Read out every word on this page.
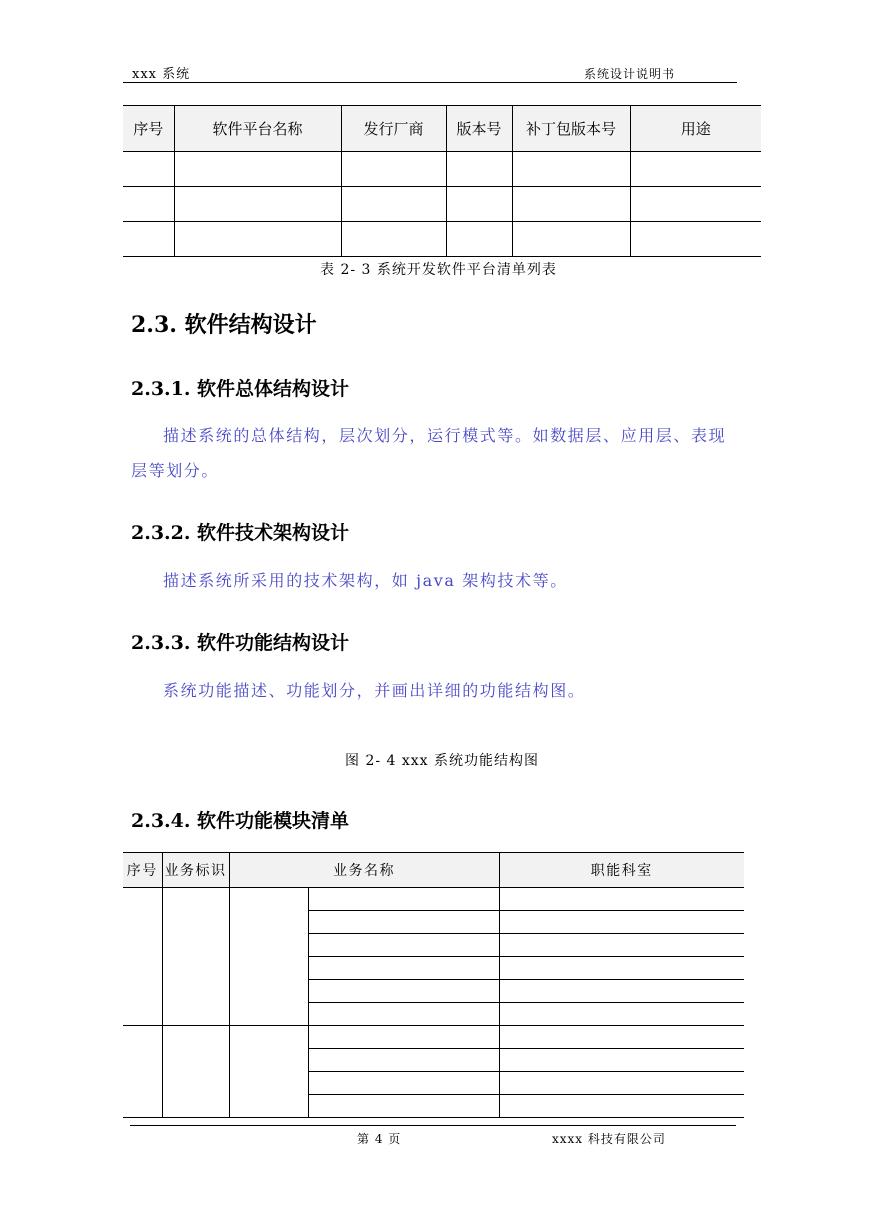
xxx 系统	系统设计说明书
序号	软件平台名称	发行厂商	版本号	补丁包版本号	用途

表 2- 3 系统开发软件平台清单列表
2.3. 软件结构设计
2.3.1. 软件总体结构设计
描述系统的总体结构，层次划分，运行模式等。如数据层、应用层、表现层等划分。
2.3.2. 软件技术架构设计
描述系统所采用的技术架构，如 java 架构技术等。
2.3.3. 软件功能结构设计
系统功能描述、功能划分，并画出详细的功能结构图。
图 2- 4 xxx 系统功能结构图
2.3.4. 软件功能模块清单
序号	业务标识	业务名称		职能科室

第 4 页	xxxx 科技有限公司
